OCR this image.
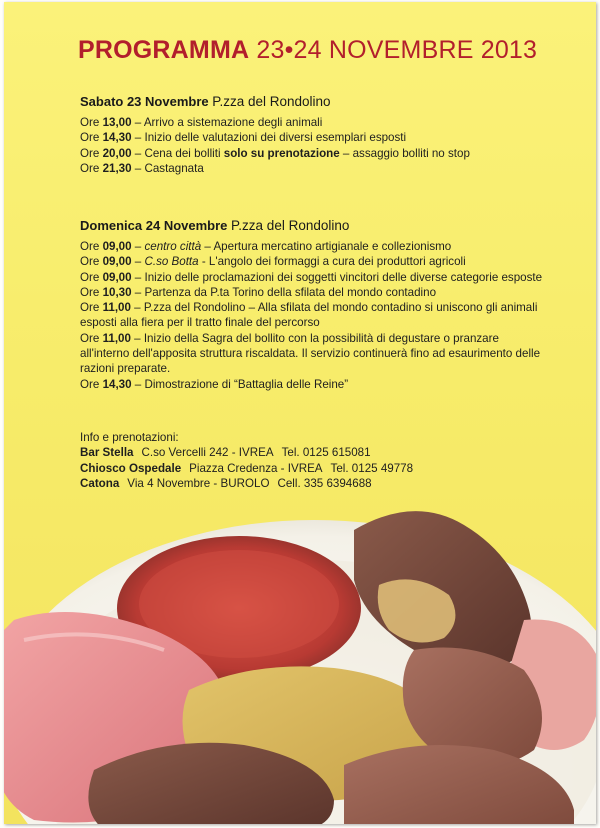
PROGRAMMA 23•24 NOVEMBRE 2013

Sabato 23 Novembre P.zza del Rondolino

Ore 13,00 – Arrivo a sistemazione degli animali
Ore 14,30 – Inizio delle valutazioni dei diversi esemplari esposti
Ore 20,00 – Cena dei bolliti solo su prenotazione – assaggio bolliti no stop
Ore 21,30 – Castagnata

Domenica 24 Novembre P.zza del Rondolino

Ore 09,00 – centro città – Apertura mercatino artigianale e collezionismo
Ore 09,00 – C.so Botta - L'angolo dei formaggi a cura dei produttori agricoli
Ore 09,00 – Inizio delle proclamazioni dei soggetti vincitori delle diverse categorie esposte
Ore 10,30 – Partenza da P.ta Torino della sfilata del mondo contadino
Ore 11,00 – P.zza del Rondolino – Alla sfilata del mondo contadino si uniscono gli animali esposti alla fiera per il tratto finale del percorso
Ore 11,00 – Inizio della Sagra del bollito con la possibilità di degustare o pranzare all'interno dell'apposita struttura riscaldata. Il servizio continuerà fino ad esaurimento delle razioni preparate.
Ore 14,30 – Dimostrazione di “Battaglia delle Reine”
Info e prenotazioni:
Bar Stella C.so Vercelli 242 - IVREA Tel. 0125 615081
Chiosco Ospedale Piazza Credenza - IVREA Tel. 0125 49778
Catona Via 4 Novembre - BUROLO Cell. 335 6394688
